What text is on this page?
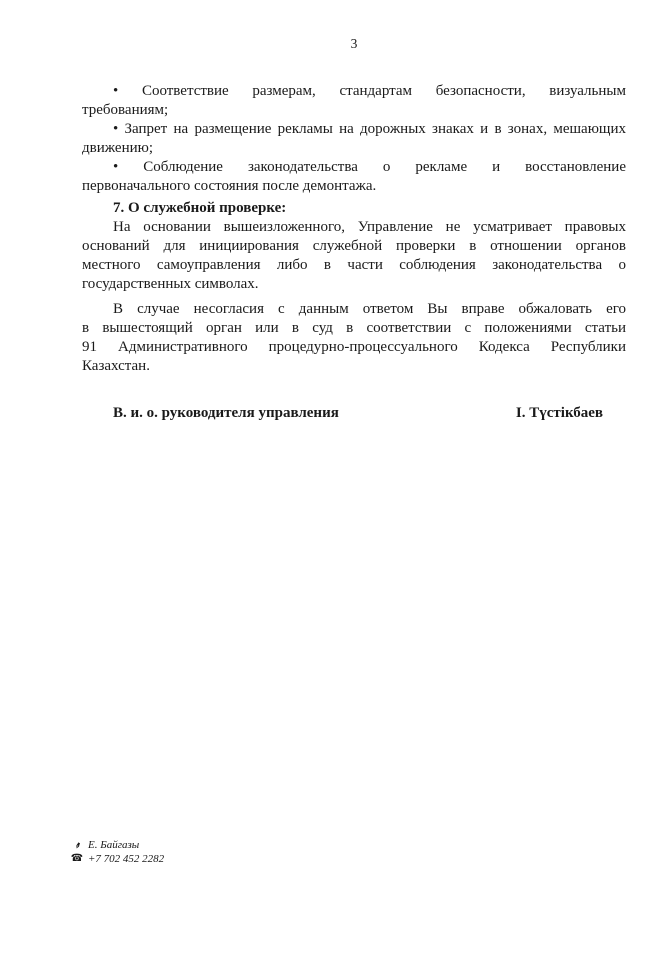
3
• Соответствие размерам, стандартам безопасности, визуальным
требованиям;
• Запрет на размещение рекламы на дорожных знаках и в зонах, мешающих
движению;
• Соблюдение законодательства о рекламе и восстановление
первоначального состояния после демонтажа.
7. О служебной проверке:
На основании вышеизложенного, Управление не усматривает правовых
оснований для инициирования служебной проверки в отношении органов
местного самоуправления либо в части соблюдения законодательства о
государственных символах.
В случае несогласия с данным ответом Вы вправе обжаловать его
в вышестоящий орган или в суд в соответствии с положениями статьи
91 Административного процедурно-процессуального Кодекса Республики
Казахстан.
В. и. о. руководителя управления	І. Түстікбаев
✒ Е. Байгазы
☎ +7 702 452 2282
